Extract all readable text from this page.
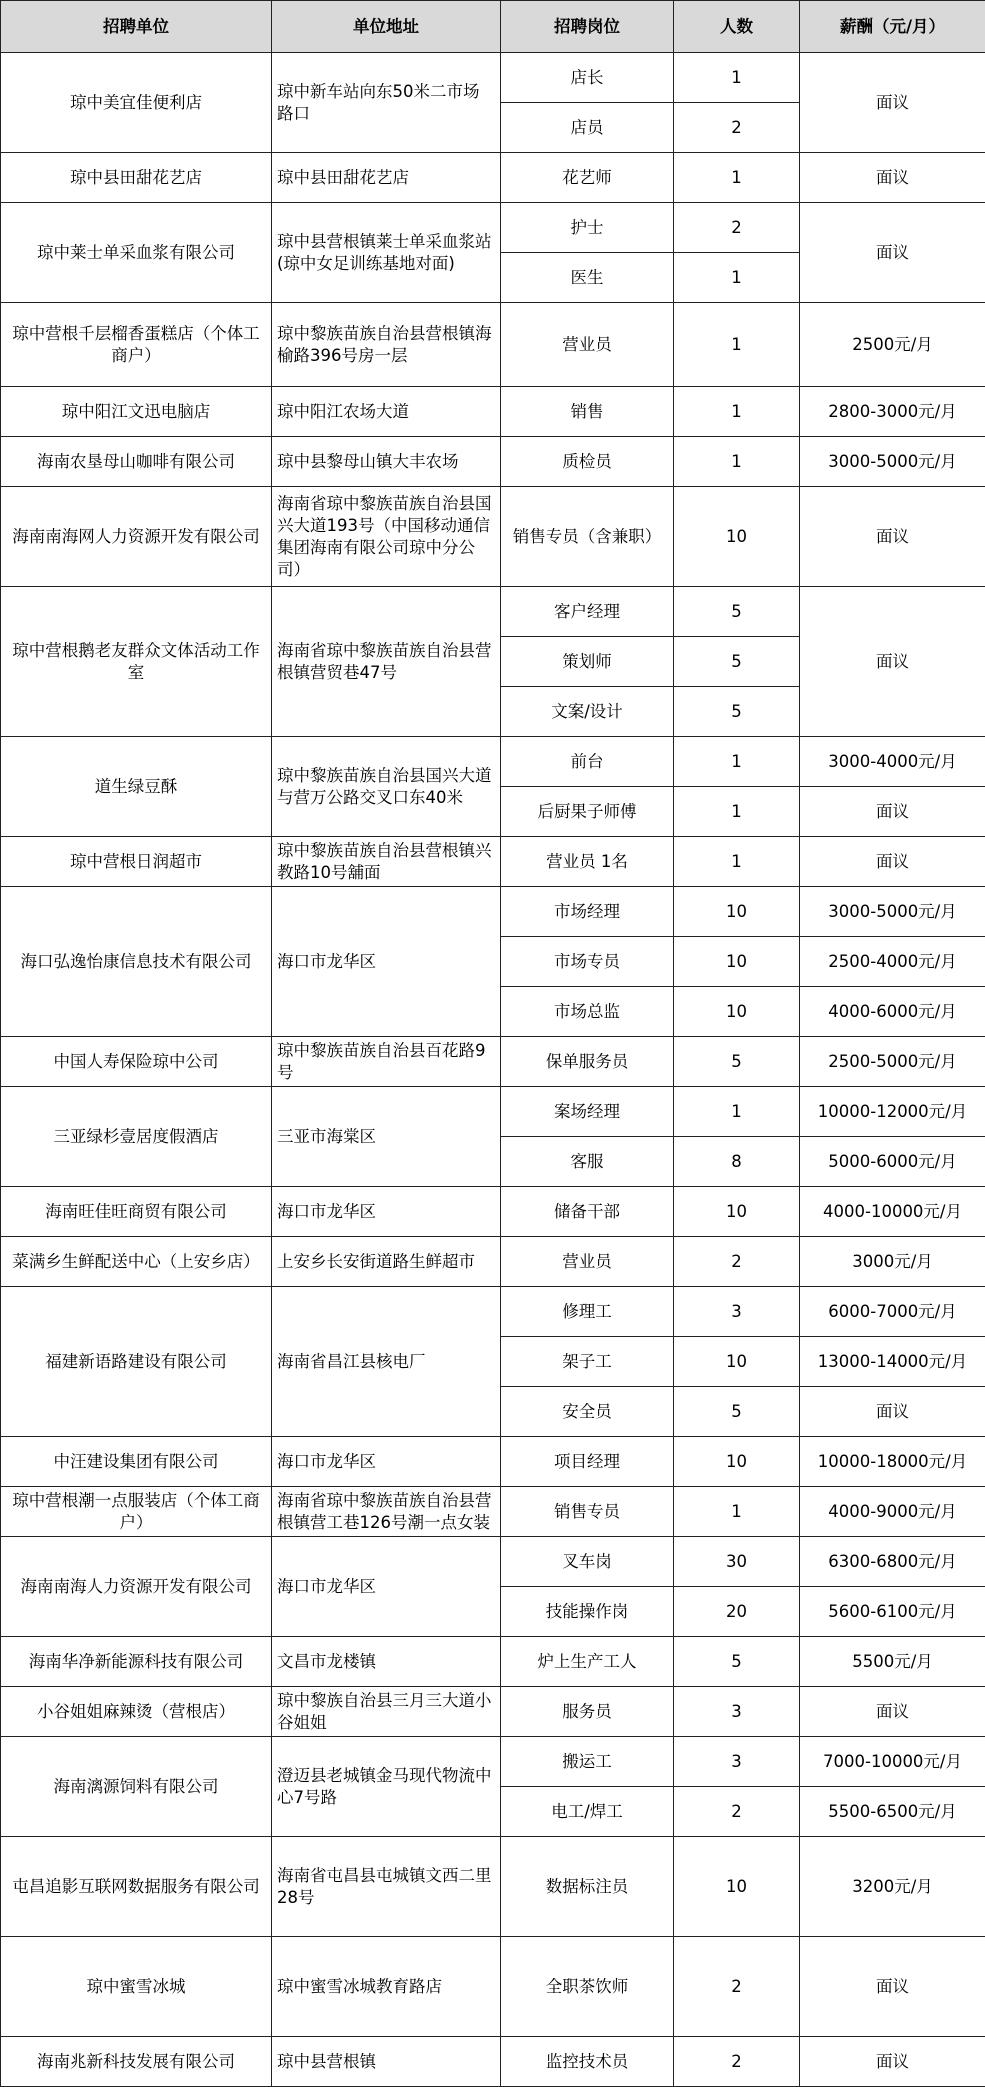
招聘单位	单位地址	招聘岗位	人数	薪酬（元/月）
琼中美宜佳便利店	琼中新车站向东50米二市场路口	店长	1	面议
		店员	2	
琼中县田甜花艺店	琼中县田甜花艺店	花艺师	1	面议
琼中莱士单采血浆有限公司	琼中县营根镇莱士单采血浆站(琼中女足训练基地对面)	护士	2	面议
		医生	1	
琼中营根千层榴香蛋糕店（个体工商户）	琼中黎族苗族自治县营根镇海榆路396号房一层	营业员	1	2500元/月
琼中阳江文迅电脑店	琼中阳江农场大道	销售	1	2800-3000元/月
海南农垦母山咖啡有限公司	琼中县黎母山镇大丰农场	质检员	1	3000-5000元/月
海南南海网人力资源开发有限公司	海南省琼中黎族苗族自治县国兴大道193号（中国移动通信集团海南有限公司琼中分公司）	销售专员（含兼职）	10	面议
琼中营根鹅老友群众文体活动工作室	海南省琼中黎族苗族自治县营根镇营贸巷47号	客户经理	5	面议
		策划师	5	
		文案/设计	5	
道生绿豆酥	琼中黎族苗族自治县国兴大道与营万公路交叉口东40米	前台	1	3000-4000元/月
		后厨果子师傅	1	面议
琼中营根日润超市	琼中黎族苗族自治县营根镇兴教路10号舖面	营业员 1名	1	面议
海口弘逸怡康信息技术有限公司	海口市龙华区	市场经理	10	3000-5000元/月
		市场专员	10	2500-4000元/月
		市场总监	10	4000-6000元/月
中国人寿保险琼中公司	琼中黎族苗族自治县百花路9号	保单服务员	5	2500-5000元/月
三亚绿杉壹居度假酒店	三亚市海棠区	案场经理	1	10000-12000元/月
		客服	8	5000-6000元/月
海南旺佳旺商贸有限公司	海口市龙华区	储备干部	10	4000-10000元/月
菜满乡生鲜配送中心（上安乡店）	上安乡长安街道路生鲜超市	营业员	2	3000元/月
福建新语路建设有限公司	海南省昌江县核电厂	修理工	3	6000-7000元/月
		架子工	10	13000-14000元/月
		安全员	5	面议
中汪建设集团有限公司	海口市龙华区	项目经理	10	10000-18000元/月
琼中营根潮一点服装店（个体工商户）	海南省琼中黎族苗族自治县营根镇营工巷126号潮一点女装	销售专员	1	4000-9000元/月
海南南海人力资源开发有限公司	海口市龙华区	叉车岗	30	6300-6800元/月
		技能操作岗	20	5600-6100元/月
海南华净新能源科技有限公司	文昌市龙楼镇	炉上生产工人	5	5500元/月
小谷姐姐麻辣烫（营根店）	琼中黎族自治县三月三大道小谷姐姐	服务员	3	面议
海南漓源饲料有限公司	澄迈县老城镇金马现代物流中心7号路	搬运工	3	7000-10000元/月
		电工/焊工	2	5500-6500元/月
屯昌追影互联网数据服务有限公司	海南省屯昌县屯城镇文西二里28号	数据标注员	10	3200元/月
琼中蜜雪冰城	琼中蜜雪冰城教育路店	全职茶饮师	2	面议
海南兆新科技发展有限公司	琼中县营根镇	监控技术员	2	面议
